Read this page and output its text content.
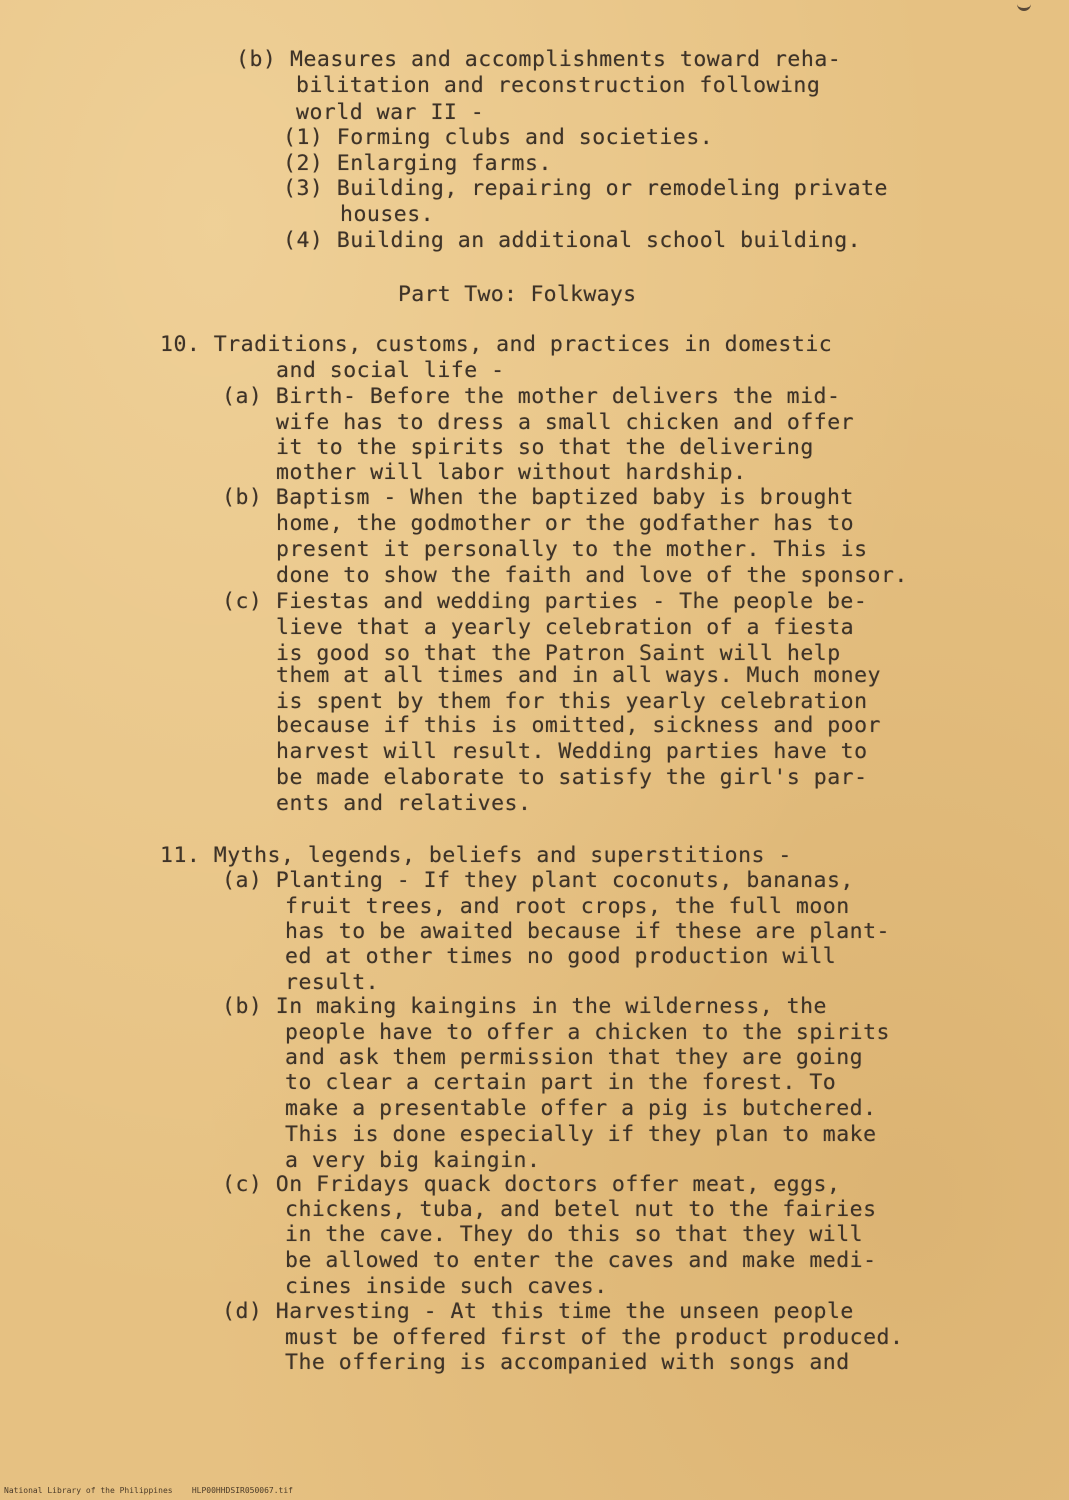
(b) Measures and accomplishments toward reha-
bilitation and reconstruction following
world war II -
(1) Forming clubs and societies.
(2) Enlarging farms.
(3) Building, repairing or remodeling private
houses.
(4) Building an additional school building.
Part Two: Folkways
10. Traditions, customs, and practices in domestic
and social life -
(a) Birth- Before the mother delivers the mid-
wife has to dress a small chicken and offer
it to the spirits so that the delivering
mother will labor without hardship.
(b) Baptism - When the baptized baby is brought
home, the godmother or the godfather has to
present it personally to the mother. This is
done to show the faith and love of the sponsor.
(c) Fiestas and wedding parties - The people be-
lieve that a yearly celebration of a fiesta
is good so that the Patron Saint will help
them at all times and in all ways. Much money
is spent by them for this yearly celebration
because if this is omitted, sickness and poor
harvest will result. Wedding parties have to
be made elaborate to satisfy the girl's par-
ents and relatives.
11. Myths, legends, beliefs and superstitions -
(a) Planting - If they plant coconuts, bananas,
fruit trees, and root crops, the full moon
has to be awaited because if these are plant-
ed at other times no good production will
result.
(b) In making kaingins in the wilderness, the
people have to offer a chicken to the spirits
and ask them permission that they are going
to clear a certain part in the forest. To
make a presentable offer a pig is butchered.
This is done especially if they plan to make
a very big kaingin.
(c) On Fridays quack doctors offer meat, eggs,
chickens, tuba, and betel nut to the fairies
in the cave. They do this so that they will
be allowed to enter the caves and make medi-
cines inside such caves.
(d) Harvesting - At this time the unseen people
must be offered first of the product produced.
The offering is accompanied with songs and
National Library of the Philippines    HLP00HHDSIR050067.tif
